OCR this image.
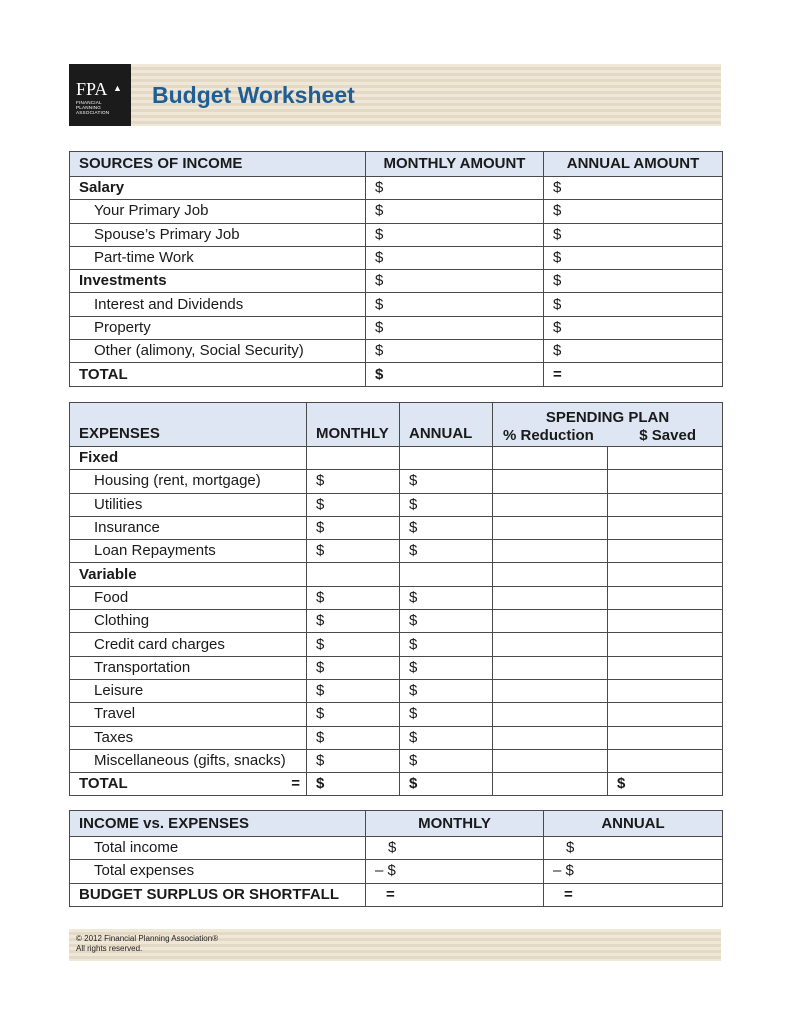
FPA
FINANCIAL
PLANNING
ASSOCIATION
▲ Budget Worksheet
SOURCES OF INCOME	MONTHLY AMOUNT	ANNUAL AMOUNT
Salary	$	$
Your Primary Job	$	$
Spouse’s Primary Job	$	$
Part-time Work	$	$
Investments	$	$
Interest and Dividends	$	$
Property	$	$
Other (alimony, Social Security)	$	$
TOTAL	$	=
EXPENSES	MONTHLY	ANNUAL	SPENDING PLAN
% Reduction $ Saved	

Fixed				
Housing (rent, mortgage)	$	$		
Utilities	$	$		
Insurance	$	$		
Loan Repayments	$	$		
Variable				
Food	$	$		
Clothing	$	$		
Credit card charges	$	$		
Transportation	$	$		
Leisure	$	$		
Travel	$	$		
Taxes	$	$		
Miscellaneous (gifts, snacks)	$	$		

TOTAL =	$	$		$
INCOME vs. EXPENSES	MONTHLY	ANNUAL
Total income	$	$
Total expenses	– $	– $
BUDGET SURPLUS OR SHORTFALL	=	=
© 2012 Financial Planning Association®
All rights reserved.
